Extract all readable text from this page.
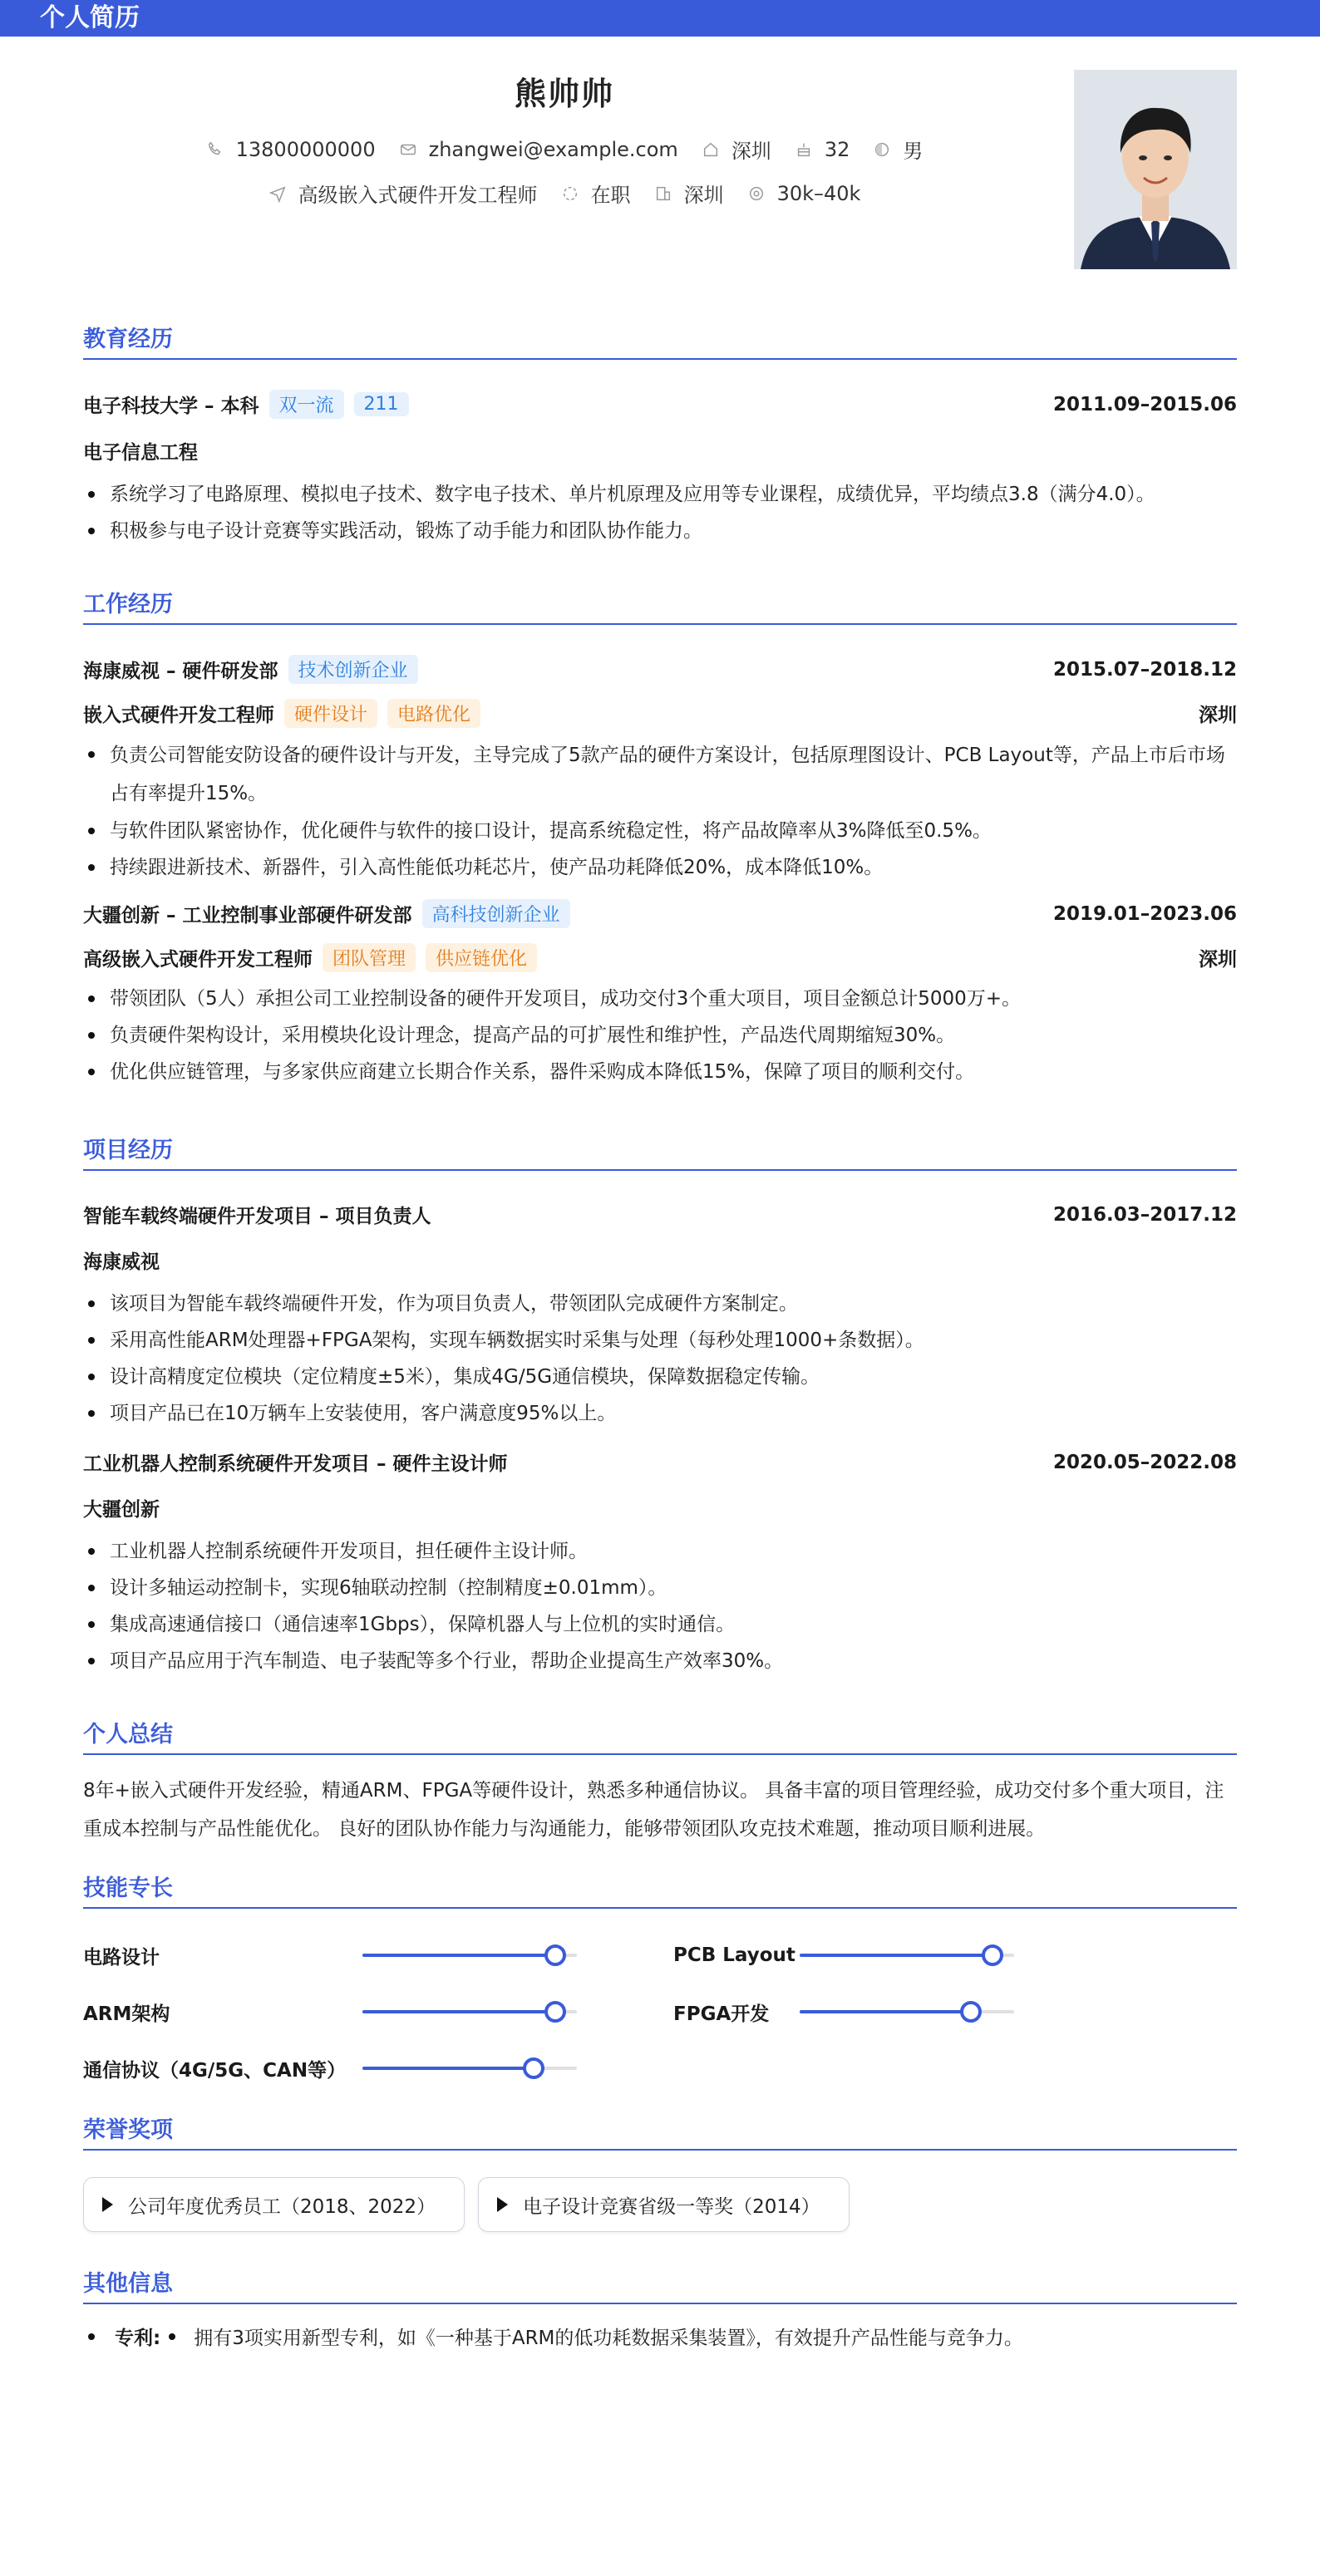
个人简历
熊帅帅
13800000000	zhangwei@example.com	深圳	32	男
高级嵌入式硬件开发工程师	在职	深圳	30k–40k
教育经历
电子科技大学 – 本科	双一流	211	2011.09–2015.06
电子信息工程
系统学习了电路原理、模拟电子技术、数字电子技术、单片机原理及应用等专业课程，成绩优异，平均绩点3.8（满分4.0）。
积极参与电子设计竞赛等实践活动，锻炼了动手能力和团队协作能力。
工作经历
海康威视 – 硬件研发部	技术创新企业	2015.07–2018.12
嵌入式硬件开发工程师	硬件设计	电路优化	深圳
负责公司智能安防设备的硬件设计与开发，主导完成了5款产品的硬件方案设计，包括原理图设计、PCB Layout等，产品上市后市场占有率提升15%。
与软件团队紧密协作，优化硬件与软件的接口设计，提高系统稳定性，将产品故障率从3%降低至0.5%。
持续跟进新技术、新器件，引入高性能低功耗芯片，使产品功耗降低20%，成本降低10%。
大疆创新 – 工业控制事业部硬件研发部	高科技创新企业	2019.01–2023.06
高级嵌入式硬件开发工程师	团队管理	供应链优化	深圳
带领团队（5人）承担公司工业控制设备的硬件开发项目，成功交付3个重大项目，项目金额总计5000万+。
负责硬件架构设计，采用模块化设计理念，提高产品的可扩展性和维护性，产品迭代周期缩短30%。
优化供应链管理，与多家供应商建立长期合作关系，器件采购成本降低15%，保障了项目的顺利交付。
项目经历
智能车载终端硬件开发项目 – 项目负责人	2016.03–2017.12
海康威视
该项目为智能车载终端硬件开发，作为项目负责人，带领团队完成硬件方案制定。
采用高性能ARM处理器+FPGA架构，实现车辆数据实时采集与处理（每秒处理1000+条数据）。
设计高精度定位模块（定位精度±5米），集成4G/5G通信模块，保障数据稳定传输。
项目产品已在10万辆车上安装使用，客户满意度95%以上。
工业机器人控制系统硬件开发项目 – 硬件主设计师	2020.05–2022.08
大疆创新
工业机器人控制系统硬件开发项目，担任硬件主设计师。
设计多轴运动控制卡，实现6轴联动控制（控制精度±0.01mm）。
集成高速通信接口（通信速率1Gbps），保障机器人与上位机的实时通信。
项目产品应用于汽车制造、电子装配等多个行业，帮助企业提高生产效率30%。
个人总结

8年+嵌入式硬件开发经验，精通ARM、FPGA等硬件设计，熟悉多种通信协议。 具备丰富的项目管理经验，成功交付多个重大项目，注重成本控制与产品性能优化。 良好的团队协作能力与沟通能力，能够带领团队攻克技术难题，推动项目顺利进展。

技能专长
电路设计	PCB Layout
ARM架构	FPGA开发
通信协议（4G/5G、CAN等）
荣誉奖项
公司年度优秀员工（2018、2022）	电子设计竞赛省级一等奖（2014）
其他信息
专利: 拥有3项实用新型专利，如《一种基于ARM的低功耗数据采集装置》，有效提升产品性能与竞争力。
